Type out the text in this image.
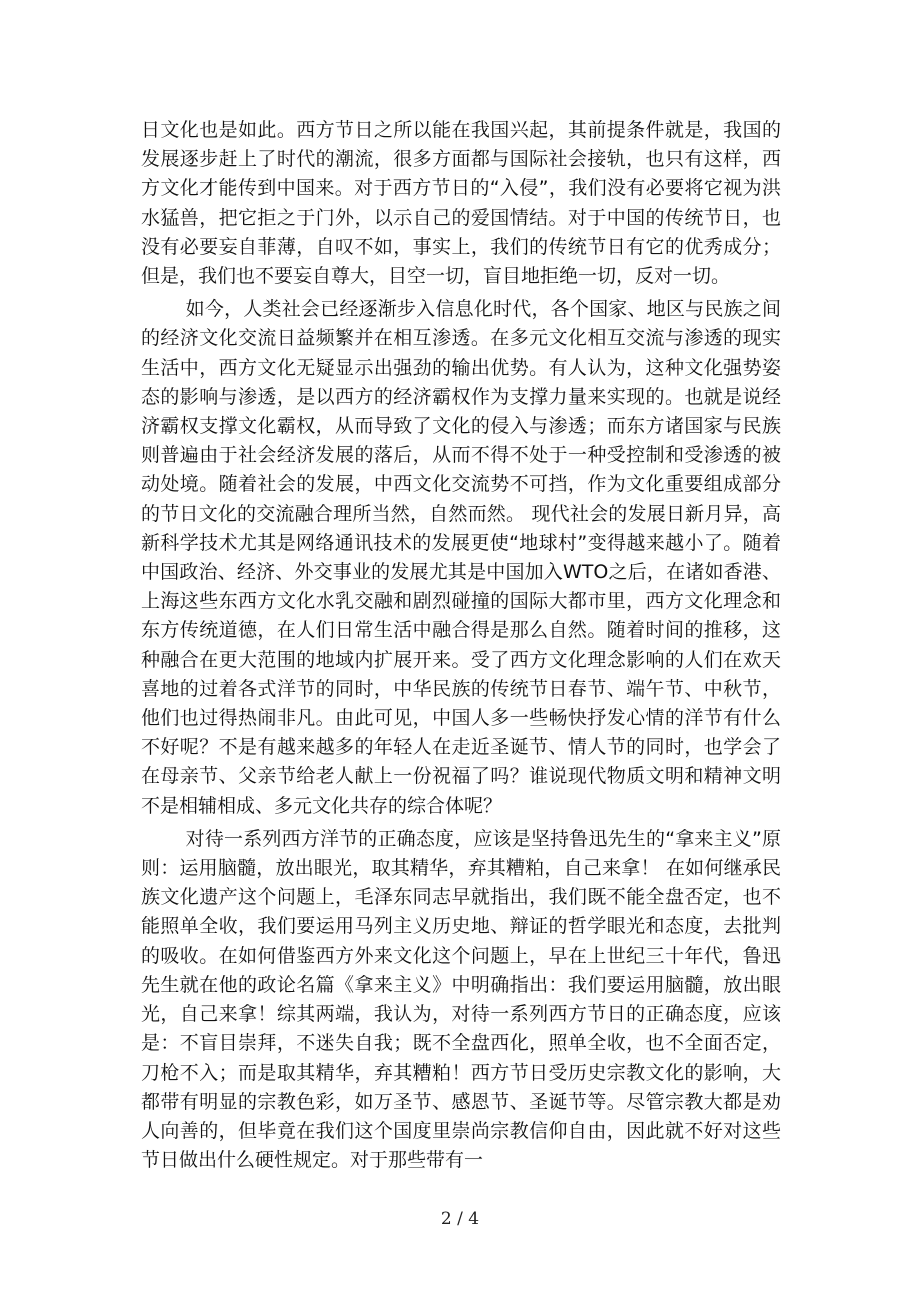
日文化也是如此。西方节日之所以能在我国兴起，其前提条件就是，我国的发展逐步赶上了时代的潮流，很多方面都与国际社会接轨，也只有这样，西方文化才能传到中国来。对于西方节日的“入侵”，我们没有必要将它视为洪水猛兽，把它拒之于门外，以示自己的爱国情结。对于中国的传统节日，也没有必要妄自菲薄，自叹不如，事实上，我们的传统节日有它的优秀成分；但是，我们也不要妄自尊大，目空一切，盲目地拒绝一切，反对一切。

如今，人类社会已经逐渐步入信息化时代，各个国家、地区与民族之间的经济文化交流日益频繁并在相互渗透。在多元文化相互交流与渗透的现实生活中，西方文化无疑显示出强劲的输出优势。有人认为，这种文化强势姿态的影响与渗透，是以西方的经济霸权作为支撑力量来实现的。也就是说经济霸权支撑文化霸权，从而导致了文化的侵入与渗透；而东方诸国家与民族则普遍由于社会经济发展的落后，从而不得不处于一种受控制和受渗透的被动处境。随着社会的发展，中西文化交流势不可挡，作为文化重要组成部分的节日文化的交流融合理所当然，自然而然。 现代社会的发展日新月异，高新科学技术尤其是网络通讯技术的发展更使“地球村”变得越来越小了。随着中国政治、经济、外交事业的发展尤其是中国加入WTO之后，在诸如香港、上海这些东西方文化水乳交融和剧烈碰撞的国际大都市里，西方文化理念和东方传统道德，在人们日常生活中融合得是那么自然。随着时间的推移，这种融合在更大范围的地域内扩展开来。受了西方文化理念影响的人们在欢天喜地的过着各式洋节的同时，中华民族的传统节日春节、端午节、中秋节，他们也过得热闹非凡。由此可见，中国人多一些畅快抒发心情的洋节有什么不好呢？不是有越来越多的年轻人在走近圣诞节、情人节的同时，也学会了在母亲节、父亲节给老人献上一份祝福了吗？谁说现代物质文明和精神文明不是相辅相成、多元文化共存的综合体呢？

对待一系列西方洋节的正确态度，应该是坚持鲁迅先生的“拿来主义”原则：运用脑髓，放出眼光，取其精华，弃其糟粕，自己来拿！ 在如何继承民族文化遗产这个问题上，毛泽东同志早就指出，我们既不能全盘否定，也不能照单全收，我们要运用马列主义历史地、辩证的哲学眼光和态度，去批判的吸收。在如何借鉴西方外来文化这个问题上，早在上世纪三十年代，鲁迅先生就在他的政论名篇《拿来主义》中明确指出：我们要运用脑髓，放出眼光，自己来拿！综其两端，我认为，对待一系列西方节日的正确态度，应该是：不盲目崇拜，不迷失自我；既不全盘西化，照单全收，也不全面否定，刀枪不入；而是取其精华，弃其糟粕！西方节日受历史宗教文化的影响，大都带有明显的宗教色彩，如万圣节、感恩节、圣诞节等。尽管宗教大都是劝人向善的，但毕竟在我们这个国度里崇尚宗教信仰自由，因此就不好对这些节日做出什么硬性规定。对于那些带有一

2 / 4
